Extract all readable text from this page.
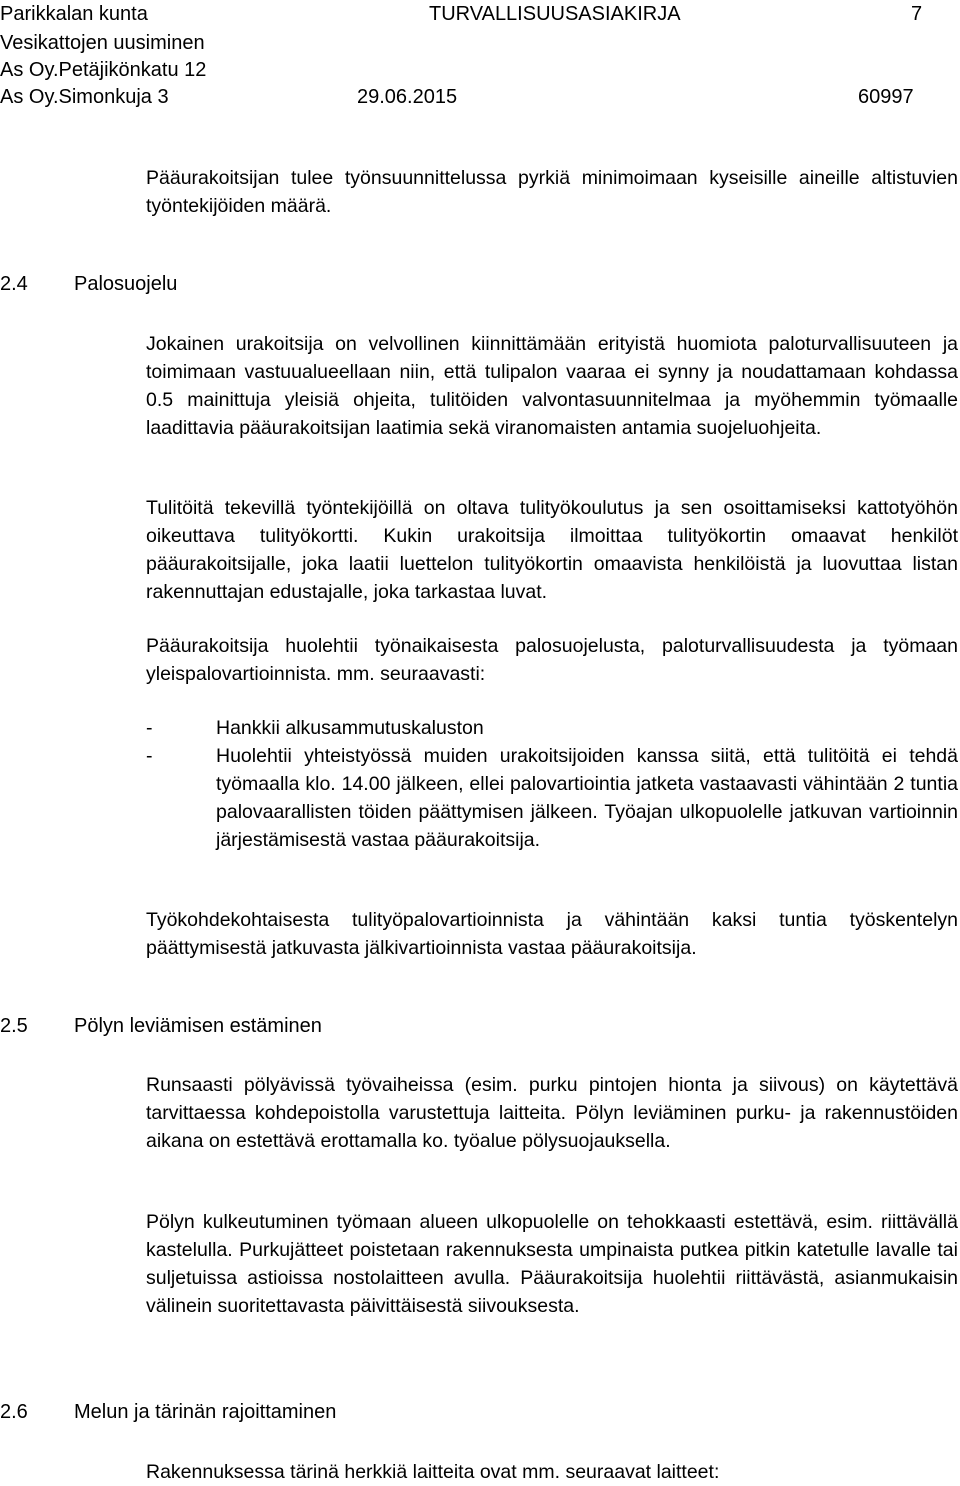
Parikkalan kunta	TURVALLISUUSASIAKIRJA	7
Vesikattojen uusiminen
As Oy.Petäjikönkatu 12
As Oy.Simonkuja 3	29.06.2015	60997

Pääurakoitsijan tulee työnsuunnittelussa pyrkiä minimoimaan kyseisille aineille altistuvien työntekijöiden määrä.

2.4 Palosuojelu

Jokainen urakoitsija on velvollinen kiinnittämään erityistä huomiota paloturvallisuuteen ja toimimaan vastuualueellaan niin, että tulipalon vaaraa ei synny ja noudattamaan kohdassa 0.5 mainittuja yleisiä ohjeita, tulitöiden valvontasuunnitelmaa ja myöhemmin työmaalle laadittavia pääurakoitsijan laatimia sekä viranomaisten antamia suojeluohjeita.

Tulitöitä tekevillä työntekijöillä on oltava tulityökoulutus ja sen osoittamiseksi kattotyöhön oikeuttava tulityökortti. Kukin urakoitsija ilmoittaa tulityökortin omaavat henkilöt pääurakoitsijalle, joka laatii luettelon tulityökortin omaavista henkilöistä ja luovuttaa listan rakennuttajan edustajalle, joka tarkastaa luvat.

Pääurakoitsija huolehtii työnaikaisesta palosuojelusta, paloturvallisuudesta ja työmaan yleispalovartioinnista. mm. seuraavasti:

-	Hankkii alkusammutuskaluston
-	Huolehtii yhteistyössä muiden urakoitsijoiden kanssa siitä, että tulitöitä ei tehdä työmaalla klo. 14.00 jälkeen, ellei palovartiointia jatketa vastaavasti vähintään 2 tuntia palovaarallisten töiden päättymisen jälkeen. Työajan ulkopuolelle jatkuvan vartioinnin järjestämisestä vastaa pääurakoitsija.

Työkohdekohtaisesta tulityöpalovartioinnista ja vähintään kaksi tuntia työskentelyn päättymisestä jatkuvasta jälkivartioinnista vastaa pääurakoitsija.

2.5 Pölyn leviämisen estäminen

Runsaasti pölyävissä työvaiheissa (esim. purku pintojen hionta ja siivous) on käytettävä tarvittaessa kohdepoistolla varustettuja laitteita. Pölyn leviäminen purku- ja rakennustöiden aikana on estettävä erottamalla ko. työalue pölysuojauksella.

Pölyn kulkeutuminen työmaan alueen ulkopuolelle on tehokkaasti estettävä, esim. riittävällä kastelulla. Purkujätteet poistetaan rakennuksesta umpinaista putkea pitkin katetulle lavalle tai suljetuissa astioissa nostolaitteen avulla. Pääurakoitsija huolehtii riittävästä, asianmukaisin välinein suoritettavasta päivittäisestä siivouksesta.

2.6 Melun ja tärinän rajoittaminen

Rakennuksessa tärinä herkkiä laitteita ovat mm. seuraavat laitteet:
